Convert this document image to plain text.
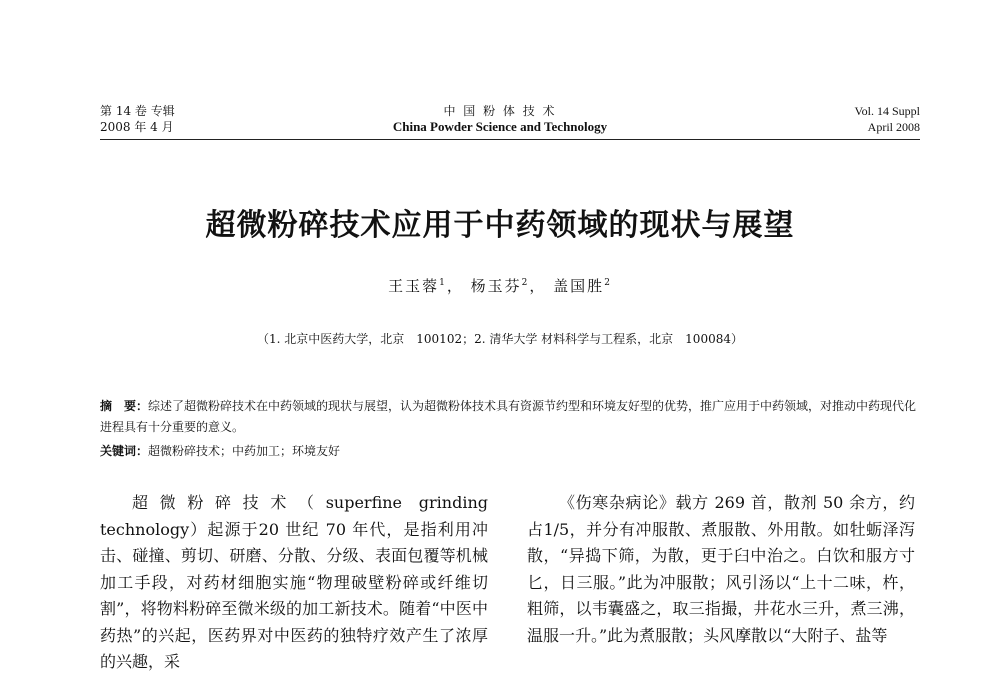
第 14 卷 专辑
2008 年 4 月
中 国 粉 体 技 术
China Powder Science and Technology
Vol. 14 Suppl
April 2008
超微粉碎技术应用于中药领域的现状与展望
王玉蓉$^1$， 杨玉芬$^2$， 盖国胜$^2$
（1. 北京中医药大学，北京　100102；2. 清华大学 材料科学与工程系，北京　100084）
摘　要：综述了超微粉碎技术在中药领域的现状与展望，认为超微粉体技术具有资源节约型和环境友好型的优势，推广应用于中药领域，对推动中药现代化进程具有十分重要的意义。
关键词：超微粉碎技术；中药加工；环境友好

超微粉碎技术（superfine grinding technology）起源于20 世纪 70 年代，是指利用冲击、碰撞、剪切、研磨、分散、分级、表面包覆等机械加工手段，对药材细胞实施“物理破壁粉碎或纤维切割”，将物料粉碎至微米级的加工新技术。随着“中医中药热”的兴起，医药界对中医药的独特疗效产生了浓厚的兴趣，采

《伤寒杂病论》载方 269 首，散剂 50 余方，约占1/5，并分有冲服散、煮服散、外用散。如牡蛎泽泻散，“异捣下筛，为散，更于臼中治之。白饮和服方寸匕，日三服。”此为冲服散；风引汤以“上十二味，杵，粗筛，以韦囊盛之，取三指撮，井花水三升，煮三沸，温服一升。”此为煮服散；头风摩散以“大附子、盐等
